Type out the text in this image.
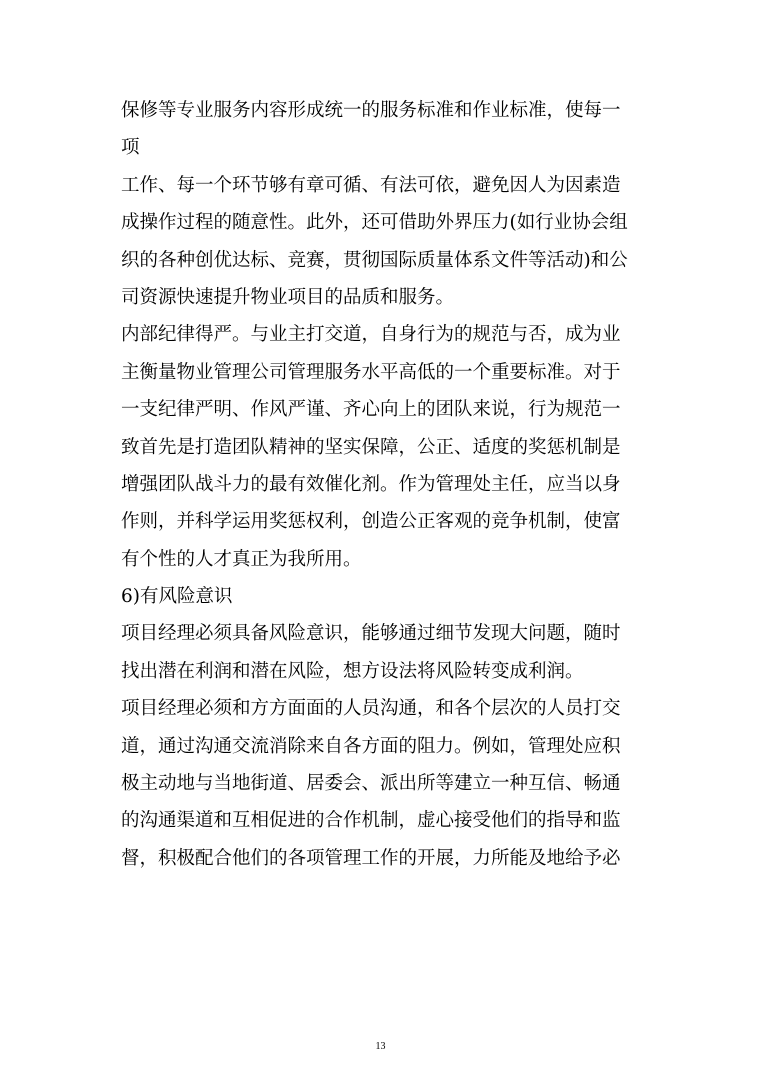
保修等专业服务内容形成统一的服务标准和作业标准，使每一
项
工作、每一个环节够有章可循、有法可依，避免因人为因素造
成操作过程的随意性。此外，还可借助外界压力(如行业协会组
织的各种创优达标、竞赛，贯彻国际质量体系文件等活动)和公
司资源快速提升物业项目的品质和服务。
内部纪律得严。与业主打交道，自身行为的规范与否，成为业
主衡量物业管理公司管理服务水平高低的一个重要标准。对于
一支纪律严明、作风严谨、齐心向上的团队来说，行为规范一
致首先是打造团队精神的坚实保障，公正、适度的奖惩机制是
增强团队战斗力的最有效催化剂。作为管理处主任，应当以身
作则，并科学运用奖惩权利，创造公正客观的竞争机制，使富
有个性的人才真正为我所用。
6)有风险意识
项目经理必须具备风险意识，能够通过细节发现大问题，随时
找出潜在利润和潜在风险，想方设法将风险转变成利润。
项目经理必须和方方面面的人员沟通，和各个层次的人员打交
道，通过沟通交流消除来自各方面的阻力。例如，管理处应积
极主动地与当地街道、居委会、派出所等建立一种互信、畅通
的沟通渠道和互相促进的合作机制，虚心接受他们的指导和监
督，积极配合他们的各项管理工作的开展，力所能及地给予必
13
